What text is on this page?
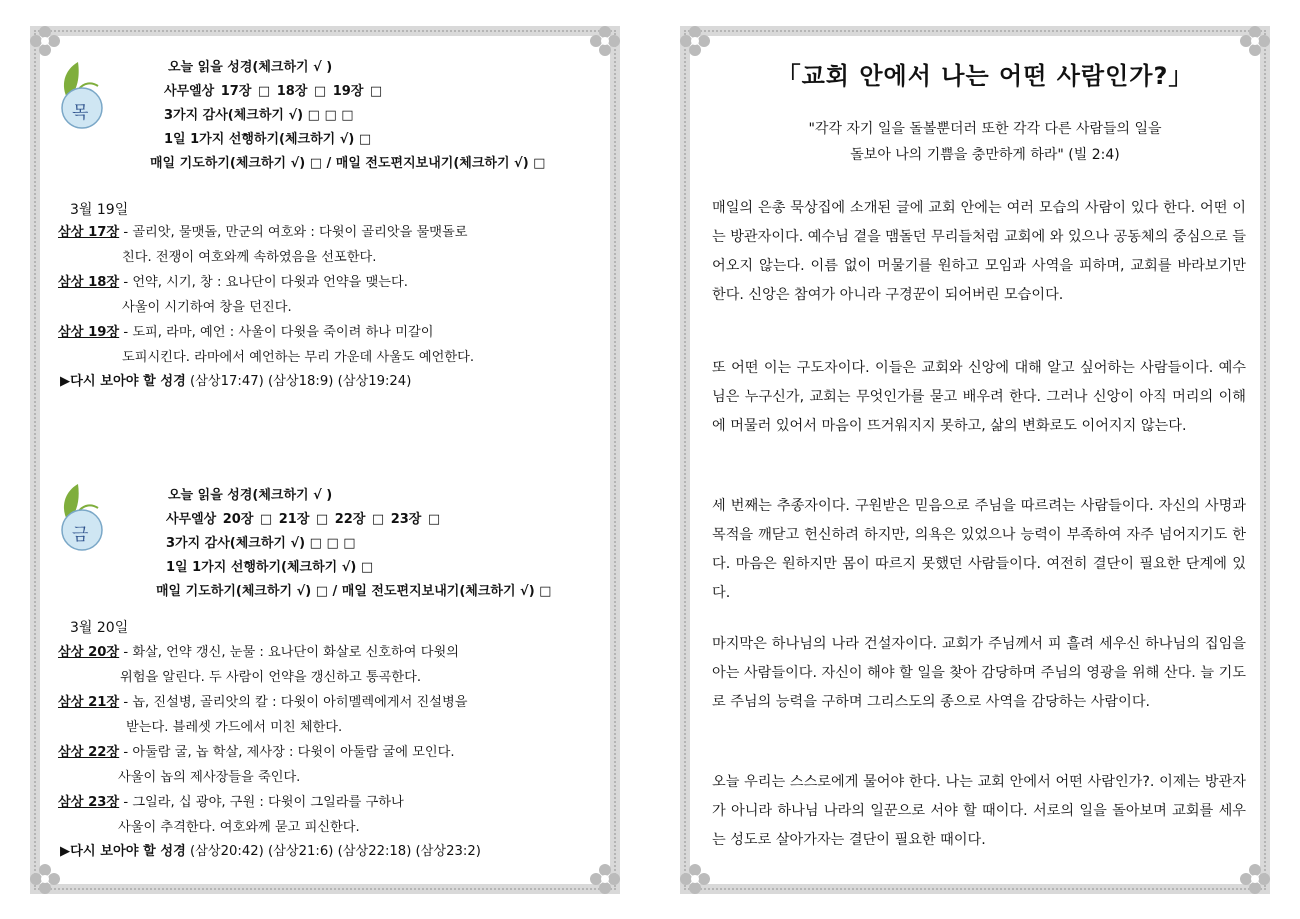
목
오늘 읽을 성경(체크하기 √ )
사무엘상 17장 □ 18장 □ 19장 □
3가지 감사(체크하기 √) □ □ □
1일 1가지 선행하기(체크하기 √) □
매일 기도하기(체크하기 √) □ / 매일 전도편지보내기(체크하기 √) □
3월 19일
삼상 17장 - 골리앗, 물맷돌, 만군의 여호와 : 다윗이 골리앗을 물맷돌로
친다. 전쟁이 여호와께 속하였음을 선포한다.
삼상 18장 - 언약, 시기, 창 : 요나단이 다윗과 언약을 맺는다.
사울이 시기하여 창을 던진다.
삼상 19장 - 도피, 라마, 예언 : 사울이 다윗을 죽이려 하나 미갈이
도피시킨다. 라마에서 예언하는 무리 가운데 사울도 예언한다.
▶다시 보아야 할 성경 (삼상17:47) (삼상18:9) (삼상19:24)
금
오늘 읽을 성경(체크하기 √ )
사무엘상 20장 □ 21장 □ 22장 □ 23장 □
3가지 감사(체크하기 √) □ □ □
1일 1가지 선행하기(체크하기 √) □
매일 기도하기(체크하기 √) □ / 매일 전도편지보내기(체크하기 √) □
3월 20일
삼상 20장 - 화살, 언약 갱신, 눈물 : 요나단이 화살로 신호하여 다윗의
위험을 알린다. 두 사람이 언약을 갱신하고 통곡한다.
삼상 21장 - 놉, 진설병, 골리앗의 칼 : 다윗이 아히멜렉에게서 진설병을
받는다. 블레셋 가드에서 미친 체한다.
삼상 22장 - 아둘람 굴, 놉 학살, 제사장 : 다윗이 아둘람 굴에 모인다.
사울이 놉의 제사장들을 죽인다.
삼상 23장 - 그일라, 십 광야, 구원 : 다윗이 그일라를 구하나
사울이 추격한다. 여호와께 묻고 피신한다.
▶다시 보아야 할 성경 (삼상20:42) (삼상21:6) (삼상22:18) (삼상23:2)
「교회 안에서 나는 어떤 사람인가?」
"각각 자기 일을 돌볼뿐더러 또한 각각 다른 사람들의 일을
돌보아 나의 기쁨을 충만하게 하라" (빌 2:4)
매일의 은총 묵상집에 소개된 글에 교회 안에는 여러 모습의 사람이 있다 한다. 어떤 이는 방관자이다. 예수님 곁을 맴돌던 무리들처럼 교회에 와 있으나 공동체의 중심으로 들어오지 않는다. 이름 없이 머물기를 원하고 모임과 사역을 피하며, 교회를 바라보기만 한다. 신앙은 참여가 아니라 구경꾼이 되어버린 모습이다.
또 어떤 이는 구도자이다. 이들은 교회와 신앙에 대해 알고 싶어하는 사람들이다. 예수님은 누구신가, 교회는 무엇인가를 묻고 배우려 한다. 그러나 신앙이 아직 머리의 이해에 머물러 있어서 마음이 뜨거워지지 못하고, 삶의 변화로도 이어지지 않는다.
세 번째는 추종자이다. 구원받은 믿음으로 주님을 따르려는 사람들이다. 자신의 사명과 목적을 깨닫고 헌신하려 하지만, 의욕은 있었으나 능력이 부족하여 자주 넘어지기도 한다. 마음은 원하지만 몸이 따르지 못했던 사람들이다. 여전히 결단이 필요한 단계에 있다.
마지막은 하나님의 나라 건설자이다. 교회가 주님께서 피 흘려 세우신 하나님의 집임을 아는 사람들이다. 자신이 해야 할 일을 찾아 감당하며 주님의 영광을 위해 산다. 늘 기도로 주님의 능력을 구하며 그리스도의 종으로 사역을 감당하는 사람이다.
오늘 우리는 스스로에게 물어야 한다. 나는 교회 안에서 어떤 사람인가?. 이제는 방관자가 아니라 하나님 나라의 일꾼으로 서야 할 때이다. 서로의 일을 돌아보며 교회를 세우는 성도로 살아가자는 결단이 필요한 때이다.
